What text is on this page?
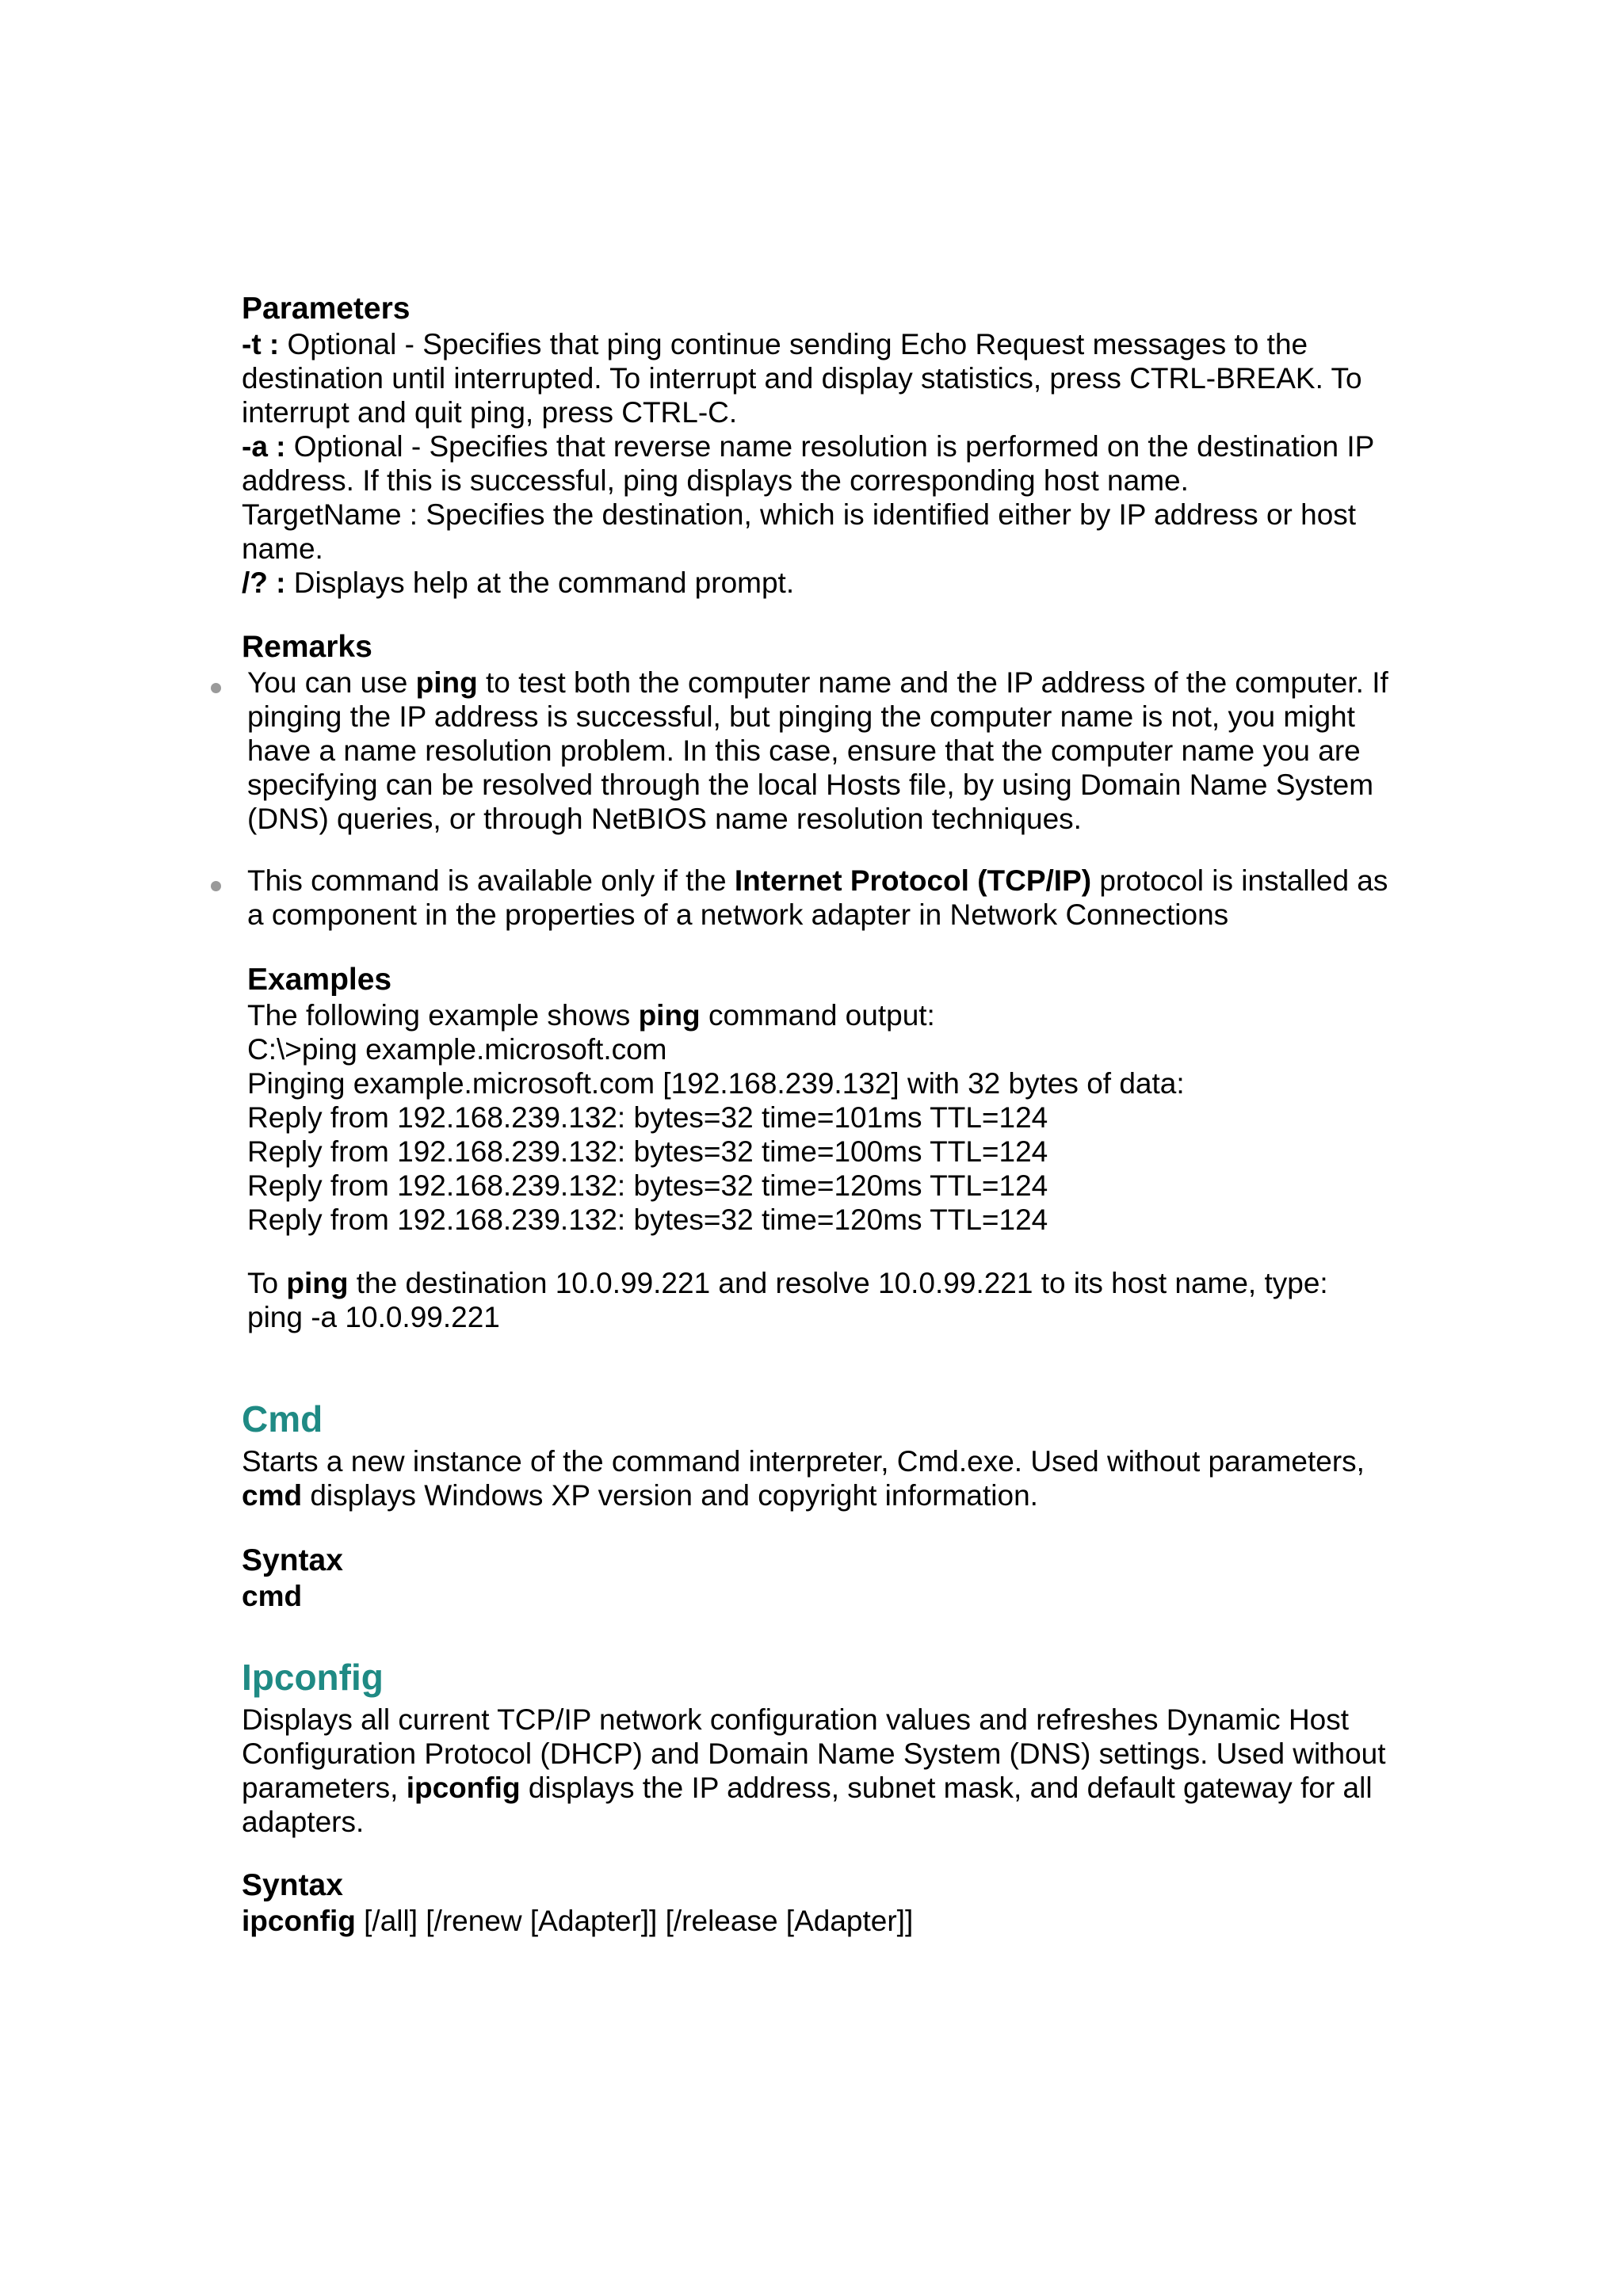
Parameters
-t : Optional - Specifies that ping continue sending Echo Request messages to the
destination until interrupted. To interrupt and display statistics, press CTRL-BREAK. To
interrupt and quit ping, press CTRL-C.
-a : Optional - Specifies that reverse name resolution is performed on the destination IP
address. If this is successful, ping displays the corresponding host name.
TargetName : Specifies the destination, which is identified either by IP address or host
name.
/? : Displays help at the command prompt.
Remarks
You can use ping to test both the computer name and the IP address of the computer. If
pinging the IP address is successful, but pinging the computer name is not, you might
have a name resolution problem. In this case, ensure that the computer name you are
specifying can be resolved through the local Hosts file, by using Domain Name System
(DNS) queries, or through NetBIOS name resolution techniques.
This command is available only if the Internet Protocol (TCP/IP) protocol is installed as
a component in the properties of a network adapter in Network Connections
Examples
The following example shows ping command output:
C:\>ping example.microsoft.com
Pinging example.microsoft.com [192.168.239.132] with 32 bytes of data:
Reply from 192.168.239.132: bytes=32 time=101ms TTL=124
Reply from 192.168.239.132: bytes=32 time=100ms TTL=124
Reply from 192.168.239.132: bytes=32 time=120ms TTL=124
Reply from 192.168.239.132: bytes=32 time=120ms TTL=124
To ping the destination 10.0.99.221 and resolve 10.0.99.221 to its host name, type:
ping -a 10.0.99.221
Cmd
Starts a new instance of the command interpreter, Cmd.exe. Used without parameters,
cmd displays Windows XP version and copyright information.
Syntax
cmd
Ipconfig
Displays all current TCP/IP network configuration values and refreshes Dynamic Host
Configuration Protocol (DHCP) and Domain Name System (DNS) settings. Used without
parameters, ipconfig displays the IP address, subnet mask, and default gateway for all
adapters.
Syntax
ipconfig [/all] [/renew [Adapter]] [/release [Adapter]]
